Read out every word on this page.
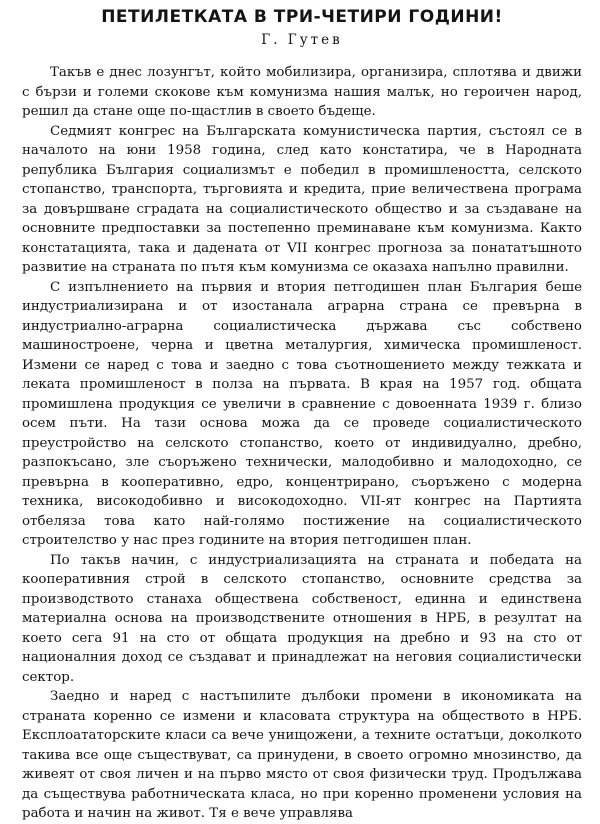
ПЕТИЛЕТКАТА В ТРИ-ЧЕТИРИ ГОДИНИ!
Г. Гутев

Такъв е днес лозунгът, който мобилизира, организира, сплотява и движи с бързи и големи скокове към комунизма нашия малък, но героичен народ, решил да стане още по-щастлив в своето бъдеще.

Седмият конгрес на Българската комунистическа партия, състоял се в началото на юни 1958 година, след като констатира, че в Народната република България социализмът е победил в промишлеността, селското стопанство, транспорта, търговията и кредита, прие величествена програма за довършване сградата на социалистическото общество и за създаване на основните предпоставки за постепенно преминаване към комунизма. Както констатацията, така и дадената от VII конгрес прогноза за понататъшното развитие на страната по пътя към комунизма се оказаха напълно правилни.

С изпълнението на първия и втория петгодишен план България беше индустриализирана и от изостанала аграрна страна се превърна в индустриално-аграрна социалистическа държава със собствено машиностроене, черна и цветна металургия, химическа промишленост. Измени се наред с това и заедно с това съотношението между тежката и леката промишленост в полза на първата. В края на 1957 год. общата промишлена продукция се увеличи в сравнение с довоенната 1939 г. близо осем пъти. На тази основа можа да се проведе социалистическото преустройство на селското стопанство, което от индивидуално, дребно, разпокъсано, зле съоръжено технически, малодобивно и малодоходно, се превърна в кооперативно, едро, концентрирано, съоръжено с модерна техника, високодобивно и високодоходно. VII-ят конгрес на Партията отбеляза това като най-голямо постижение на социалистическото строителство у нас през годините на втория петгодишен план.

По такъв начин, с индустриализацията на страната и победата на кооперативния строй в селското стопанство, основните средства за производството станаха обществена собственост, единна и единствена материална основа на производствените отношения в НРБ, в резултат на което сега 91 на сто от общата продукция на дребно и 93 на сто от националния доход се създават и принадлежат на неговия социалистически сектор.

Заедно и наред с настъпилите дълбоки промени в икономиката на страната коренно се измени и класовата структура на обществото в НРБ. Експлоататорските класи са вече унищожени, а техните остатъци, доколкото такива все още съществуват, са принудени, в своето огромно мнозинство, да живеят от своя личен и на първо място от своя физически труд. Продължава да съществува работническата класа, но при коренно променени условия на работа и начин на живот. Тя е вече управлява
